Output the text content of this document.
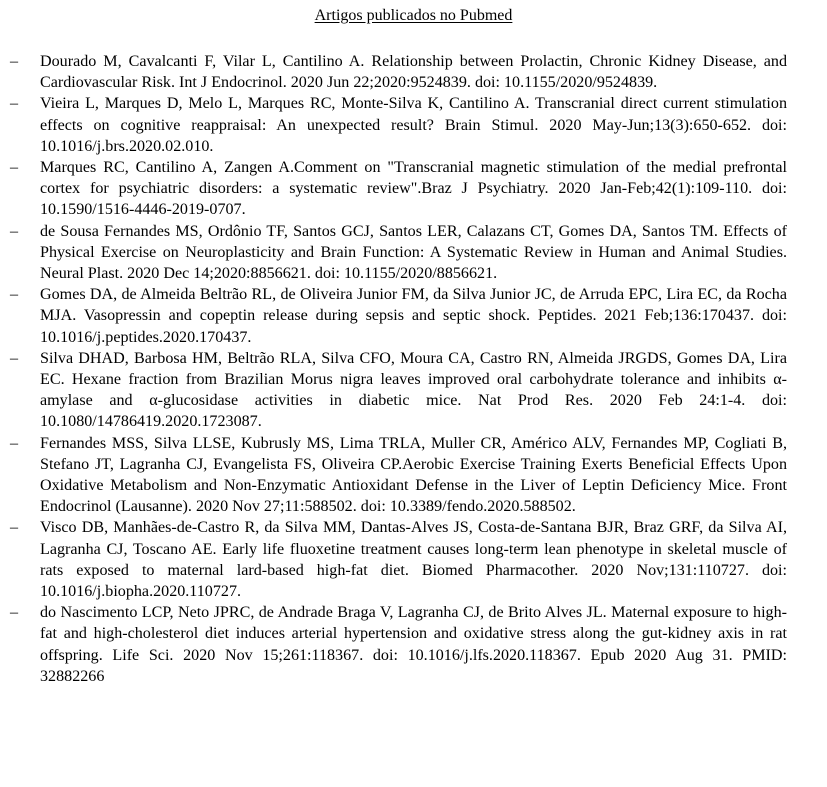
Artigos publicados no Pubmed
–	Dourado M, Cavalcanti F, Vilar L, Cantilino A. Relationship between Prolactin, Chronic Kidney Disease, and Cardiovascular Risk. Int J Endocrinol. 2020 Jun 22;2020:9524839. doi: 10.1155/2020/9524839.
–	Vieira L, Marques D, Melo L, Marques RC, Monte-Silva K, Cantilino A. Transcranial direct current stimulation effects on cognitive reappraisal: An unexpected result? Brain Stimul. 2020 May-Jun;13(3):650-652. doi: 10.1016/j.brs.2020.02.010.
–	Marques RC, Cantilino A, Zangen A.Comment on "Transcranial magnetic stimulation of the medial prefrontal cortex for psychiatric disorders: a systematic review".Braz J Psychiatry. 2020 Jan-Feb;42(1):109-110. doi: 10.1590/1516-4446-2019-0707.
–	de Sousa Fernandes MS, Ordônio TF, Santos GCJ, Santos LER, Calazans CT, Gomes DA, Santos TM. Effects of Physical Exercise on Neuroplasticity and Brain Function: A Systematic Review in Human and Animal Studies. Neural Plast. 2020 Dec 14;2020:8856621. doi: 10.1155/2020/8856621.
–	Gomes DA, de Almeida Beltrão RL, de Oliveira Junior FM, da Silva Junior JC, de Arruda EPC, Lira EC, da Rocha MJA. Vasopressin and copeptin release during sepsis and septic shock. Peptides. 2021 Feb;136:170437. doi: 10.1016/j.peptides.2020.170437.
–	Silva DHAD, Barbosa HM, Beltrão RLA, Silva CFO, Moura CA, Castro RN, Almeida JRGDS, Gomes DA, Lira EC. Hexane fraction from Brazilian Morus nigra leaves improved oral carbohydrate tolerance and inhibits α-amylase and α-glucosidase activities in diabetic mice. Nat Prod Res. 2020 Feb 24:1-4. doi: 10.1080/14786419.2020.1723087.
–	Fernandes MSS, Silva LLSE, Kubrusly MS, Lima TRLA, Muller CR, Américo ALV, Fernandes MP, Cogliati B, Stefano JT, Lagranha CJ, Evangelista FS, Oliveira CP.Aerobic Exercise Training Exerts Beneficial Effects Upon Oxidative Metabolism and Non-Enzymatic Antioxidant Defense in the Liver of Leptin Deficiency Mice. Front Endocrinol (Lausanne). 2020 Nov 27;11:588502. doi: 10.3389/fendo.2020.588502.
–	Visco DB, Manhães-de-Castro R, da Silva MM, Dantas-Alves JS, Costa-de-Santana BJR, Braz GRF, da Silva AI, Lagranha CJ, Toscano AE. Early life fluoxetine treatment causes long-term lean phenotype in skeletal muscle of rats exposed to maternal lard-based high-fat diet. Biomed Pharmacother. 2020 Nov;131:110727. doi: 10.1016/j.biopha.2020.110727.
–	do Nascimento LCP, Neto JPRC, de Andrade Braga V, Lagranha CJ, de Brito Alves JL. Maternal exposure to high-fat and high-cholesterol diet induces arterial hypertension and oxidative stress along the gut-kidney axis in rat offspring. Life Sci. 2020 Nov 15;261:118367. doi: 10.1016/j.lfs.2020.118367. Epub 2020 Aug 31. PMID: 32882266
